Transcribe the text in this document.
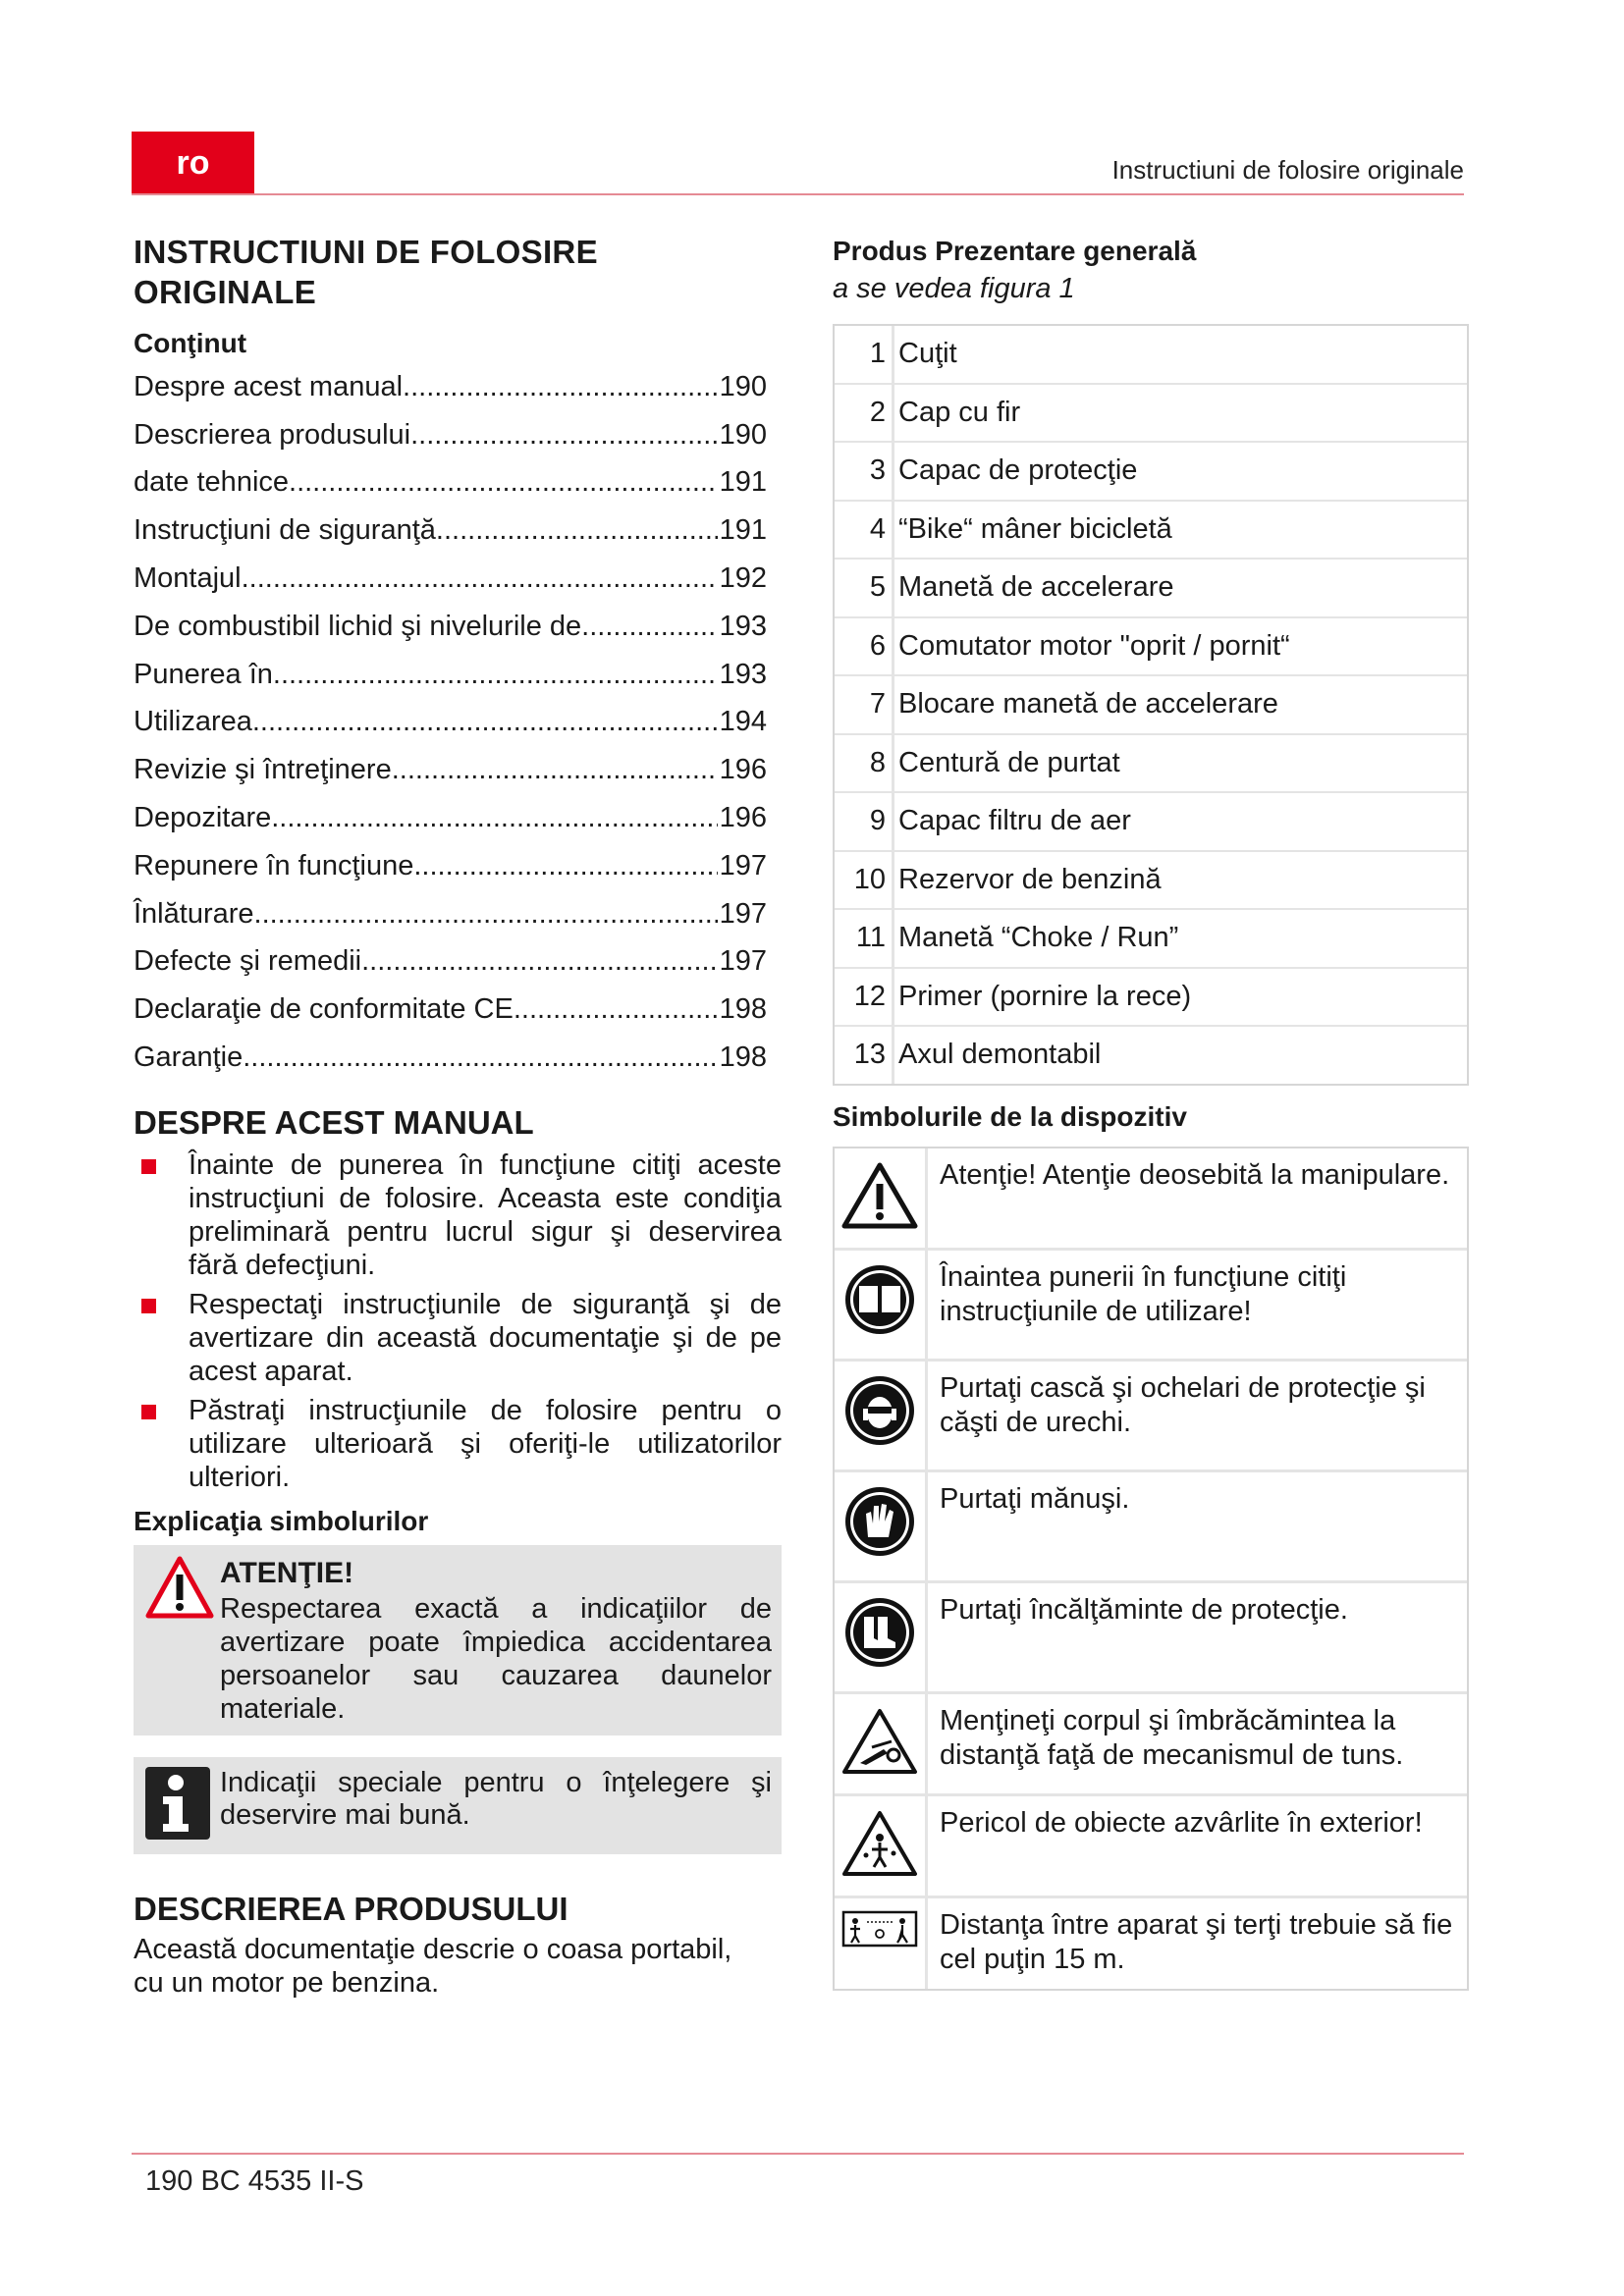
ro	Instructiuni de folosire originale
INSTRUCTIUNI DE FOLOSIRE ORIGINALE
Conţinut
Despre acest manual .....	190
Descrierea produsului .....	190
date tehnice .....	191
Instrucţiuni de siguranţă .....	191
Montajul .....	192
De combustibil lichid şi nivelurile de .....	193
Punerea în .....	193
Utilizarea .....	194
Revizie şi întreţinere .....	196
Depozitare .....	196
Repunere în funcţiune .....	197
Înlăturare .....	197
Defecte şi remedii .....	197
Declaraţie de conformitate CE .....	198
Garanţie .....	198
DESPRE ACEST MANUAL
Înainte de punerea în funcţiune citiţi aceste instrucţiuni de folosire. Aceasta este condiţia preliminară pentru lucrul sigur şi deservirea fără defecţiuni.
Respectaţi instrucţiunile de siguranţă şi de avertizare din această documentaţie şi de pe acest aparat.
Păstraţi instrucţiunile de folosire pentru o utilizare ulterioară şi oferiţi-le utilizatorilor ulteriori.
Explicaţia simbolurilor
ATENŢIE!
Respectarea exactă a indicaţiilor de avertizare poate împiedica accidentarea persoanelor sau cauzarea daunelor materiale.
Indicaţii speciale pentru o înţelegere şi deservire mai bună.
DESCRIEREA PRODUSULUI
Această documentaţie descrie o coasa portabil, cu un motor pe benzina.
Produs Prezentare generală
a se vedea figura 1
1 Cuţit
2 Cap cu fir
3 Capac de protecţie
4 “Bike“ mâner bicicletă
5 Manetă de accelerare
6 Comutator motor "oprit / pornit“
7 Blocare manetă de accelerare
8 Centură de purtat
9 Capac filtru de aer
10 Rezervor de benzină
11 Manetă “Choke / Run”
12 Primer (pornire la rece)
13 Axul demontabil
Simbolurile de la dispozitiv
Atenţie! Atenţie deosebită la manipulare.
Înaintea punerii în funcţiune citiţi instrucţiunile de utilizare!
Purtaţi cască şi ochelari de protecţie şi căşti de urechi.
Purtaţi mănuşi.
Purtaţi încălţăminte de protecţie.
Menţineţi corpul şi îmbrăcămintea la distanţă faţă de mecanismul de tuns.
Pericol de obiecte azvârlite în exterior!
Distanţa între aparat şi terţi trebuie să fie cel puţin 15 m.
190 BC 4535 II-S
